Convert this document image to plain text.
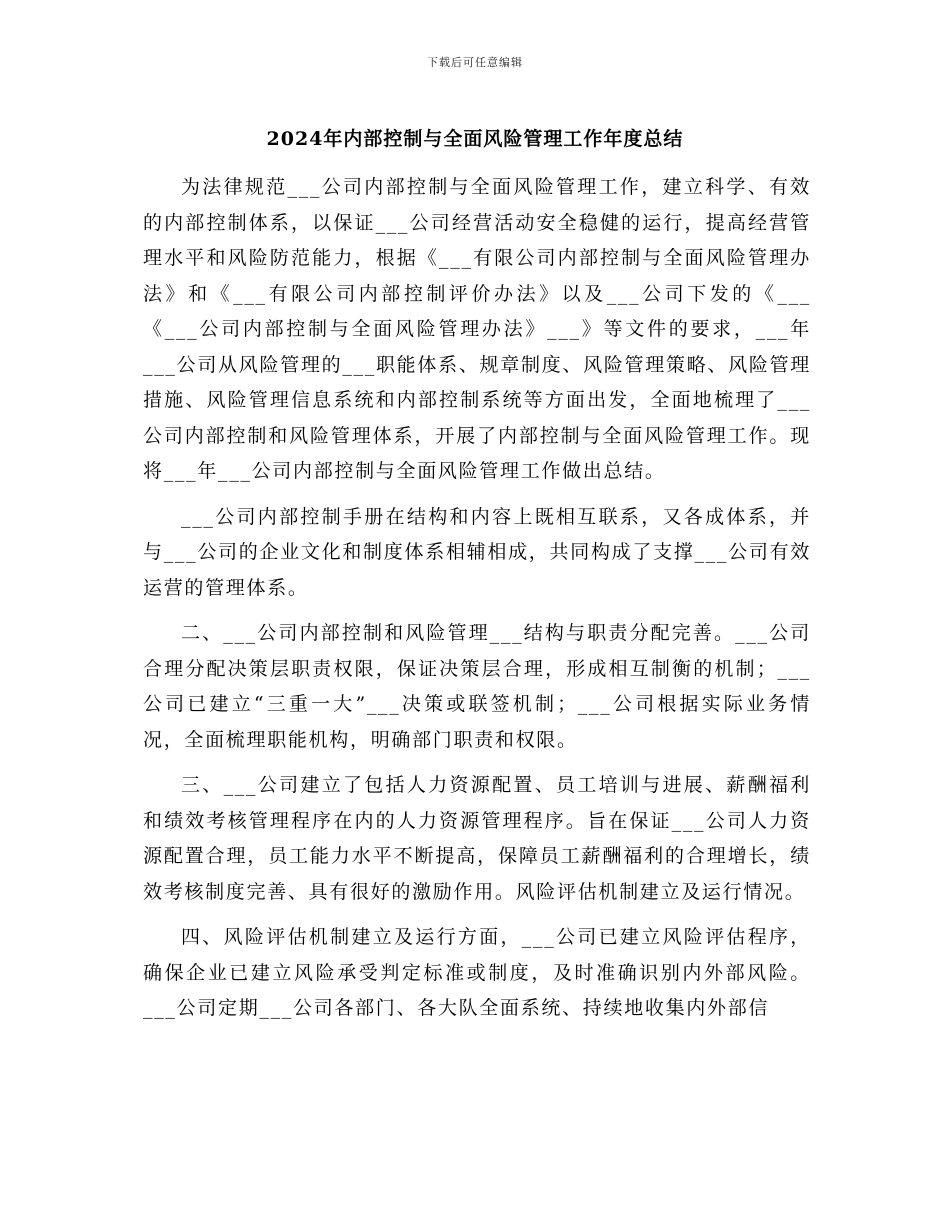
下载后可任意编辑
2024年内部控制与全面风险管理工作年度总结

为法律规范___公司内部控制与全面风险管理工作，建立科学、有效的内部控制体系，以保证___公司经营活动安全稳健的运行，提高经营管理水平和风险防范能力，根据《___有限公司内部控制与全面风险管理办法》和《___有限公司内部控制评价办法》以及___公司下发的《___《___公司内部控制与全面风险管理办法》___》等文件的要求，___年___公司从风险管理的___职能体系、规章制度、风险管理策略、风险管理措施、风险管理信息系统和内部控制系统等方面出发，全面地梳理了___公司内部控制和风险管理体系，开展了内部控制与全面风险管理工作。现将___年___公司内部控制与全面风险管理工作做出总结。

___公司内部控制手册在结构和内容上既相互联系，又各成体系，并与___公司的企业文化和制度体系相辅相成，共同构成了支撑___公司有效运营的管理体系。

二、___公司内部控制和风险管理___结构与职责分配完善。___公司合理分配决策层职责权限，保证决策层合理，形成相互制衡的机制；___公司已建立“三重一大”___决策或联签机制；___公司根据实际业务情况，全面梳理职能机构，明确部门职责和权限。

三、___公司建立了包括人力资源配置、员工培训与进展、薪酬福利和绩效考核管理程序在内的人力资源管理程序。旨在保证___公司人力资源配置合理，员工能力水平不断提高，保障员工薪酬福利的合理增长，绩效考核制度完善、具有很好的激励作用。风险评估机制建立及运行情况。

四、风险评估机制建立及运行方面，___公司已建立风险评估程序，确保企业已建立风险承受判定标准或制度，及时准确识别内外部风险。___公司定期___公司各部门、各大队全面系统、持续地收集内外部信
